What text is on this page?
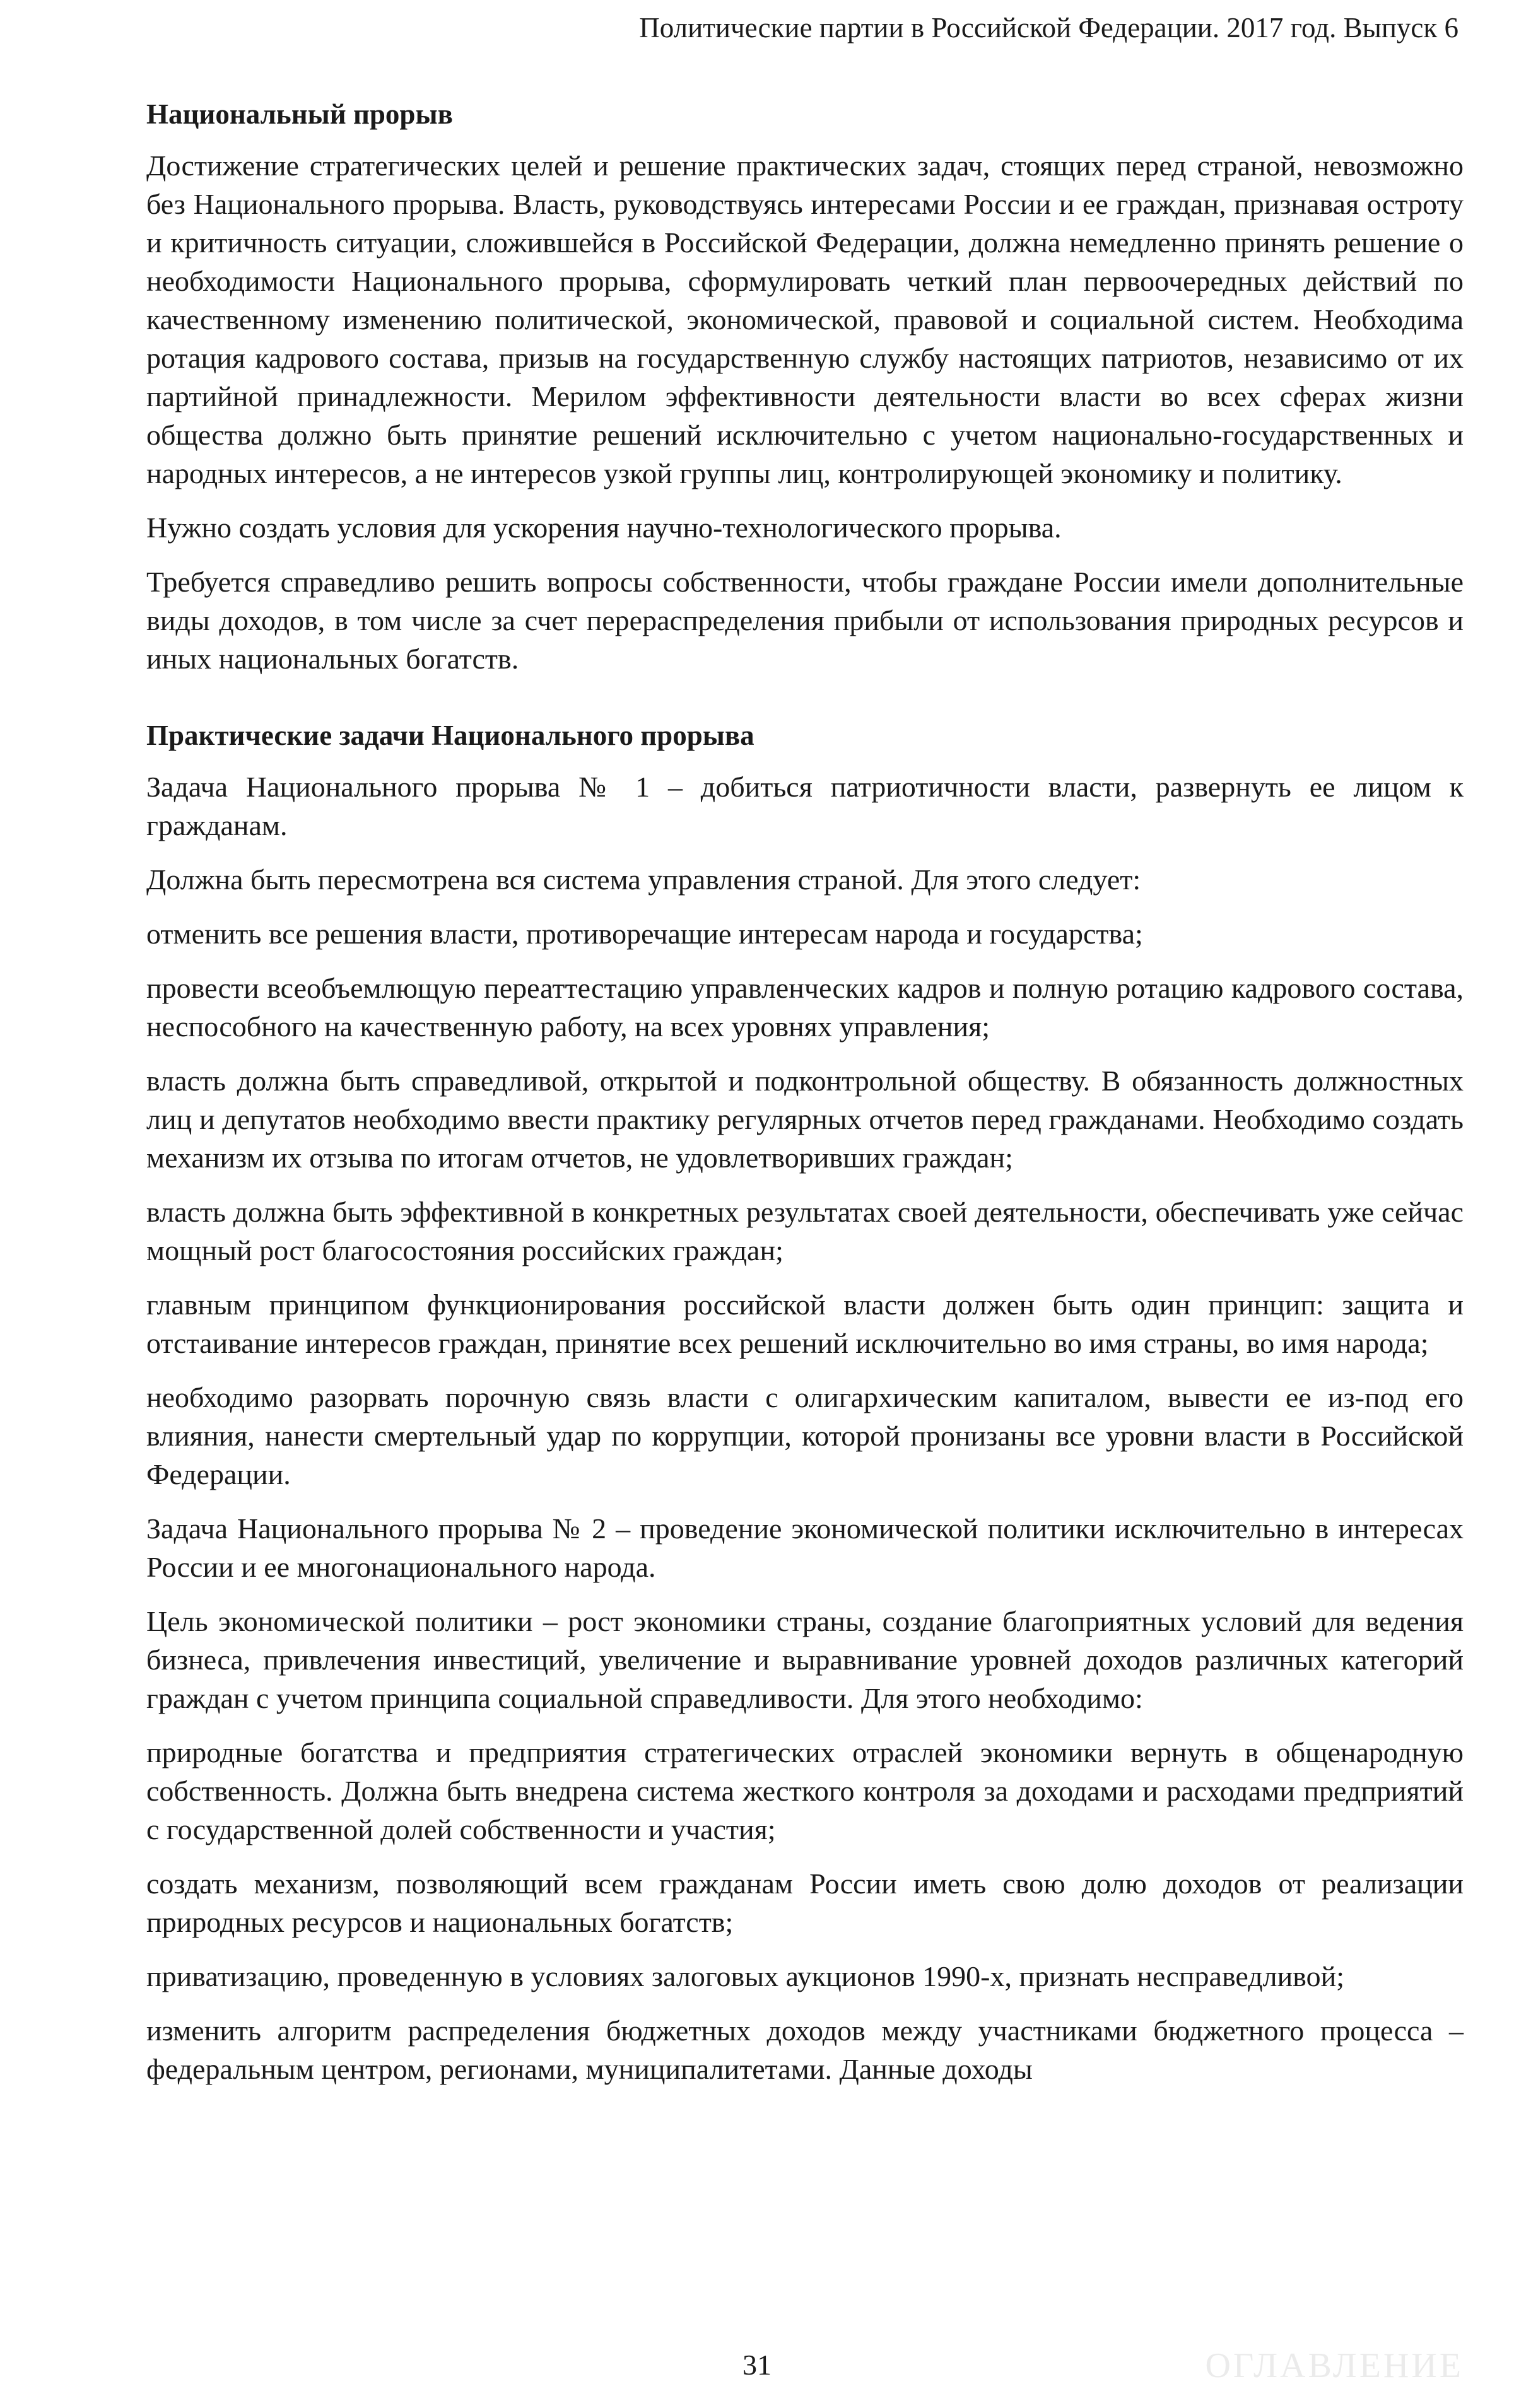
Политические партии в Российской Федерации. 2017 год. Выпуск 6
Национальный прорыв

Достижение стратегических целей и решение практических задач, стоящих перед страной, невозможно без Национального прорыва. Власть, руководствуясь интересами России и ее граждан, признавая остроту и критичность ситуации, сложившейся в Российской Федерации, должна немедленно принять решение о необходимости Национального прорыва, сформулировать четкий план первоочередных действий по качественному изменению политической, экономической, правовой и социальной систем. Необходима ротация кадрового состава, призыв на государственную службу настоящих патриотов, независимо от их партийной принадлежности. Мерилом эффективности деятельности власти во всех сферах жизни общества должно быть принятие решений исключительно с учетом национально-государственных и народных интересов, а не интересов узкой группы лиц, контролирующей экономику и политику.

Нужно создать условия для ускорения научно-технологического прорыва.

Требуется справедливо решить вопросы собственности, чтобы граждане России имели дополнительные виды доходов, в том числе за счет перераспределения прибыли от использования природных ресурсов и иных национальных богатств.

Практические задачи Национального прорыва

Задача Национального прорыва № 1 – добиться патриотичности власти, развернуть ее лицом к гражданам.

Должна быть пересмотрена вся система управления страной. Для этого следует:

отменить все решения власти, противоречащие интересам народа и государства;

провести всеобъемлющую переаттестацию управленческих кадров и полную ротацию кадрового состава, неспособного на качественную работу, на всех уровнях управления;

власть должна быть справедливой, открытой и подконтрольной обществу. В обязанность должностных лиц и депутатов необходимо ввести практику регулярных отчетов перед гражданами. Необходимо создать механизм их отзыва по итогам отчетов, не удовлетворивших граждан;

власть должна быть эффективной в конкретных результатах своей деятельности, обеспечивать уже сейчас мощный рост благосостояния российских граждан;

главным принципом функционирования российской власти должен быть один принцип: защита и отстаивание интересов граждан, принятие всех решений исключительно во имя страны, во имя народа;

необходимо разорвать порочную связь власти с олигархическим капиталом, вывести ее из-под его влияния, нанести смертельный удар по коррупции, которой пронизаны все уровни власти в Российской Федерации.

Задача Национального прорыва № 2 – проведение экономической политики исключительно в интересах России и ее многонационального народа.

Цель экономической политики – рост экономики страны, создание благоприятных условий для ведения бизнеса, привлечения инвестиций, увеличение и выравнивание уровней доходов различных категорий граждан с учетом принципа социальной справедливости. Для этого необходимо:

природные богатства и предприятия стратегических отраслей экономики вернуть в общенародную собственность. Должна быть внедрена система жесткого контроля за доходами и расходами предприятий с государственной долей собственности и участия;

создать механизм, позволяющий всем гражданам России иметь свою долю доходов от реализации природных ресурсов и национальных богатств;

приватизацию, проведенную в условиях залоговых аукционов 1990-х, признать несправедливой;

изменить алгоритм распределения бюджетных доходов между участниками бюджетного процесса – федеральным центром, регионами, муниципалитетами. Данные доходы

31	ОГЛАВЛЕНИЕ
